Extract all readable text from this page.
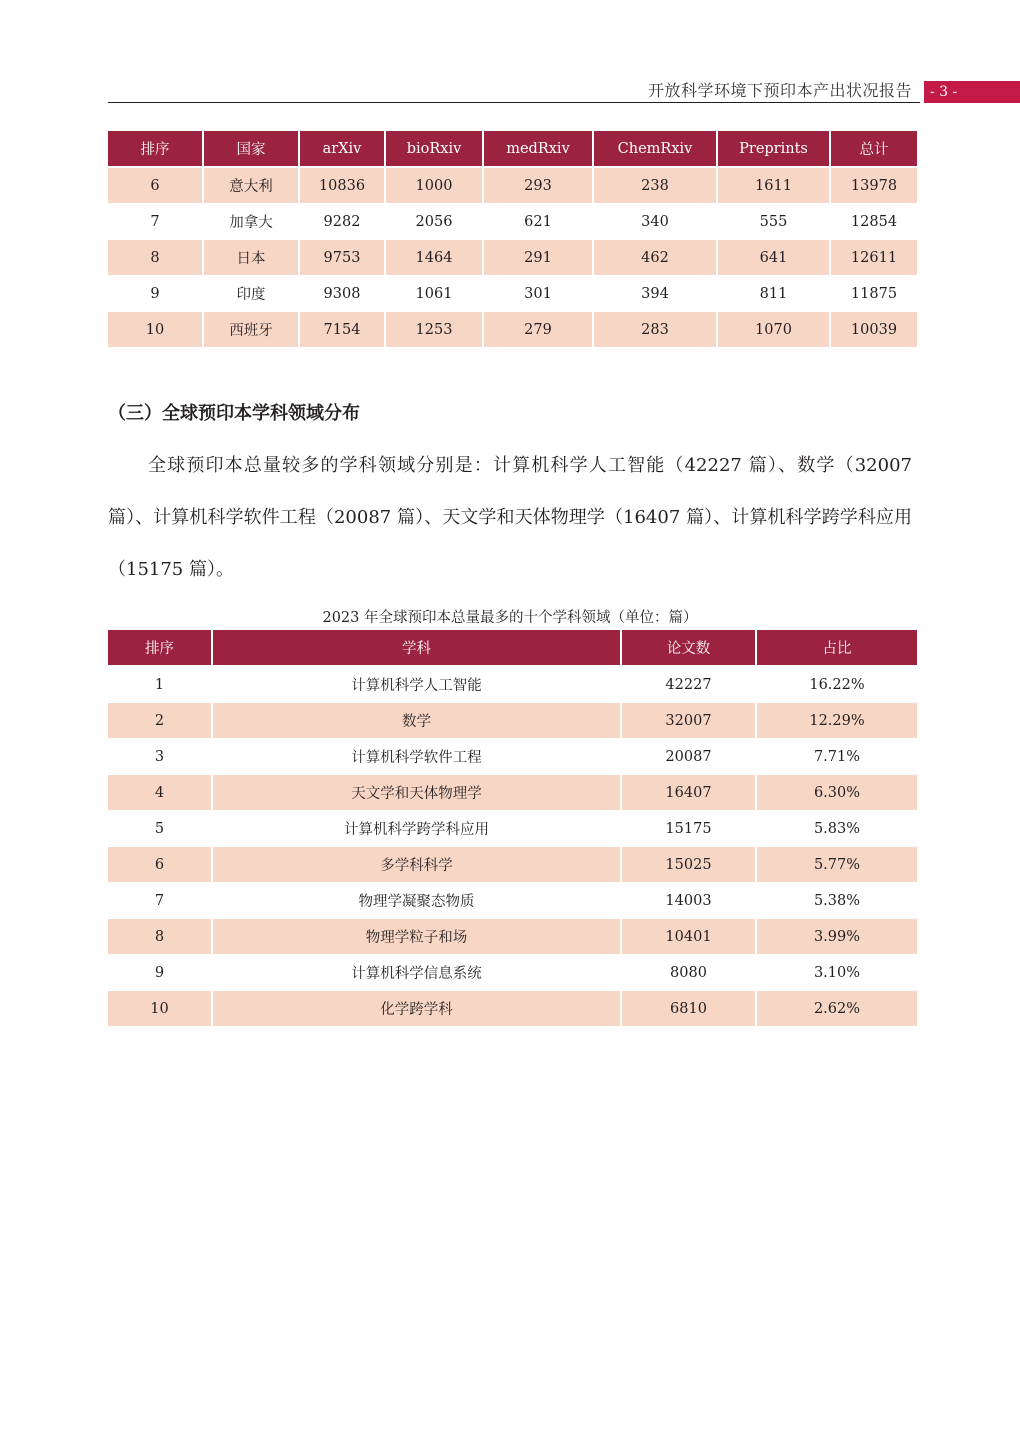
开放科学环境下预印本产出状况报告	- 3 -
排序	国家	arXiv	bioRxiv	medRxiv	ChemRxiv	Preprints	总计
6	意大利	10836	1000	293	238	1611	13978
7	加拿大	9282	2056	621	340	555	12854
8	日本	9753	1464	291	462	641	12611
9	印度	9308	1061	301	394	811	11875
10	西班牙	7154	1253	279	283	1070	10039
（三）全球预印本学科领域分布
全球预印本总量较多的学科领域分别是：计算机科学人工智能（42227 篇）、数学（32007 篇）、计算机科学软件工程（20087 篇）、天文学和天体物理学（16407 篇）、计算机科学跨学科应用（15175 篇）。
2023 年全球预印本总量最多的十个学科领域（单位：篇）
排序	学科	论文数	占比
1	计算机科学人工智能	42227	16.22%
2	数学	32007	12.29%
3	计算机科学软件工程	20087	7.71%
4	天文学和天体物理学	16407	6.30%
5	计算机科学跨学科应用	15175	5.83%
6	多学科科学	15025	5.77%
7	物理学凝聚态物质	14003	5.38%
8	物理学粒子和场	10401	3.99%
9	计算机科学信息系统	8080	3.10%
10	化学跨学科	6810	2.62%
